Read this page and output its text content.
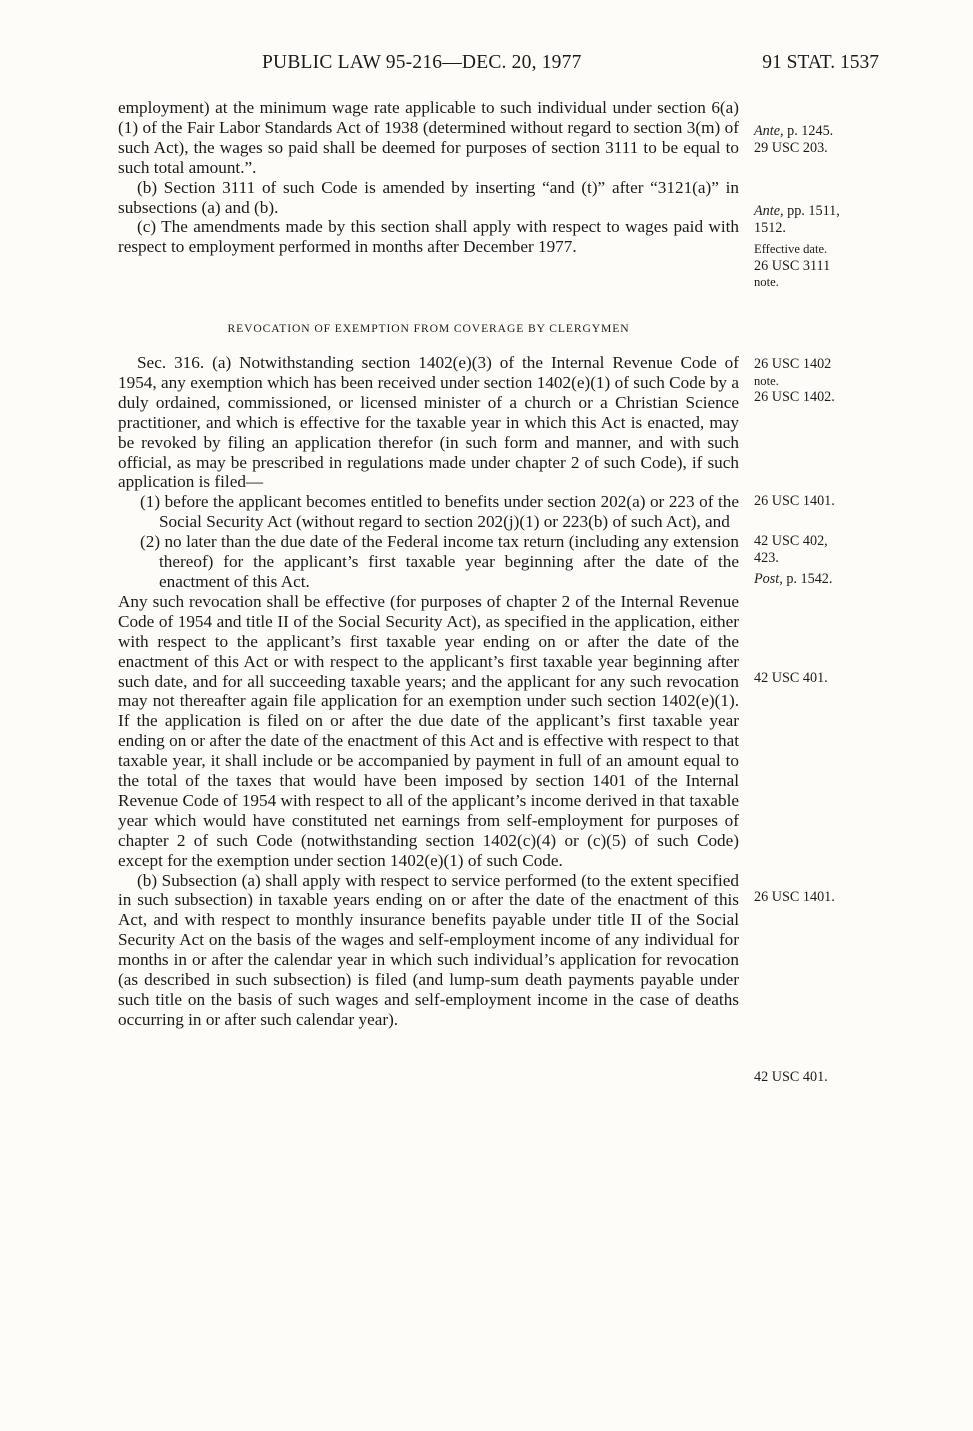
PUBLIC LAW 95-216—DEC. 20, 1977	91 STAT. 1537

employment) at the minimum wage rate applicable to such individual under section 6(a)(1) of the Fair Labor Standards Act of 1938 (determined without regard to section 3(m) of such Act), the wages so paid shall be deemed for purposes of section 3111 to be equal to such total amount.”.

(b) Section 3111 of such Code is amended by inserting “and (t)” after “3121(a)” in subsections (a) and (b).

(c) The amendments made by this section shall apply with respect to wages paid with respect to employment performed in months after December 1977.

REVOCATION OF EXEMPTION FROM COVERAGE BY CLERGYMEN

Sec. 316. (a) Notwithstanding section 1402(e)(3) of the Internal Revenue Code of 1954, any exemption which has been received under section 1402(e)(1) of such Code by a duly ordained, commissioned, or licensed minister of a church or a Christian Science practitioner, and which is effective for the taxable year in which this Act is enacted, may be revoked by filing an application therefor (in such form and manner, and with such official, as may be prescribed in regulations made under chapter 2 of such Code), if such application is filed—

(1) before the applicant becomes entitled to benefits under section 202(a) or 223 of the Social Security Act (without regard to section 202(j)(1) or 223(b) of such Act), and

(2) no later than the due date of the Federal income tax return (including any extension thereof) for the applicant’s first taxable year beginning after the date of the enactment of this Act.

Any such revocation shall be effective (for purposes of chapter 2 of the Internal Revenue Code of 1954 and title II of the Social Security Act), as specified in the application, either with respect to the applicant’s first taxable year ending on or after the date of the enactment of this Act or with respect to the applicant’s first taxable year beginning after such date, and for all succeeding taxable years; and the applicant for any such revocation may not thereafter again file application for an exemption under such section 1402(e)(1). If the application is filed on or after the due date of the applicant’s first taxable year ending on or after the date of the enactment of this Act and is effective with respect to that taxable year, it shall include or be accompanied by payment in full of an amount equal to the total of the taxes that would have been imposed by section 1401 of the Internal Revenue Code of 1954 with respect to all of the applicant’s income derived in that taxable year which would have constituted net earnings from self-employment for purposes of chapter 2 of such Code (notwithstanding section 1402(c)(4) or (c)(5) of such Code) except for the exemption under section 1402(e)(1) of such Code.

(b) Subsection (a) shall apply with respect to service performed (to the extent specified in such subsection) in taxable years ending on or after the date of the enactment of this Act, and with respect to monthly insurance benefits payable under title II of the Social Security Act on the basis of the wages and self-employment income of any individual for months in or after the calendar year in which such individual’s application for revocation (as described in such subsection) is filed (and lump-sum death payments payable under such title on the basis of such wages and self-employment income in the case of deaths occurring in or after such calendar year).

Ante, p. 1245.
29 USC 203.
Ante, pp. 1511,
1512.
Effective date.
26 USC 3111
note.
26 USC 1402
note.
26 USC 1402.
26 USC 1401.
42 USC 402,
423.
Post, p. 1542.
42 USC 401.
26 USC 1401.
42 USC 401.
